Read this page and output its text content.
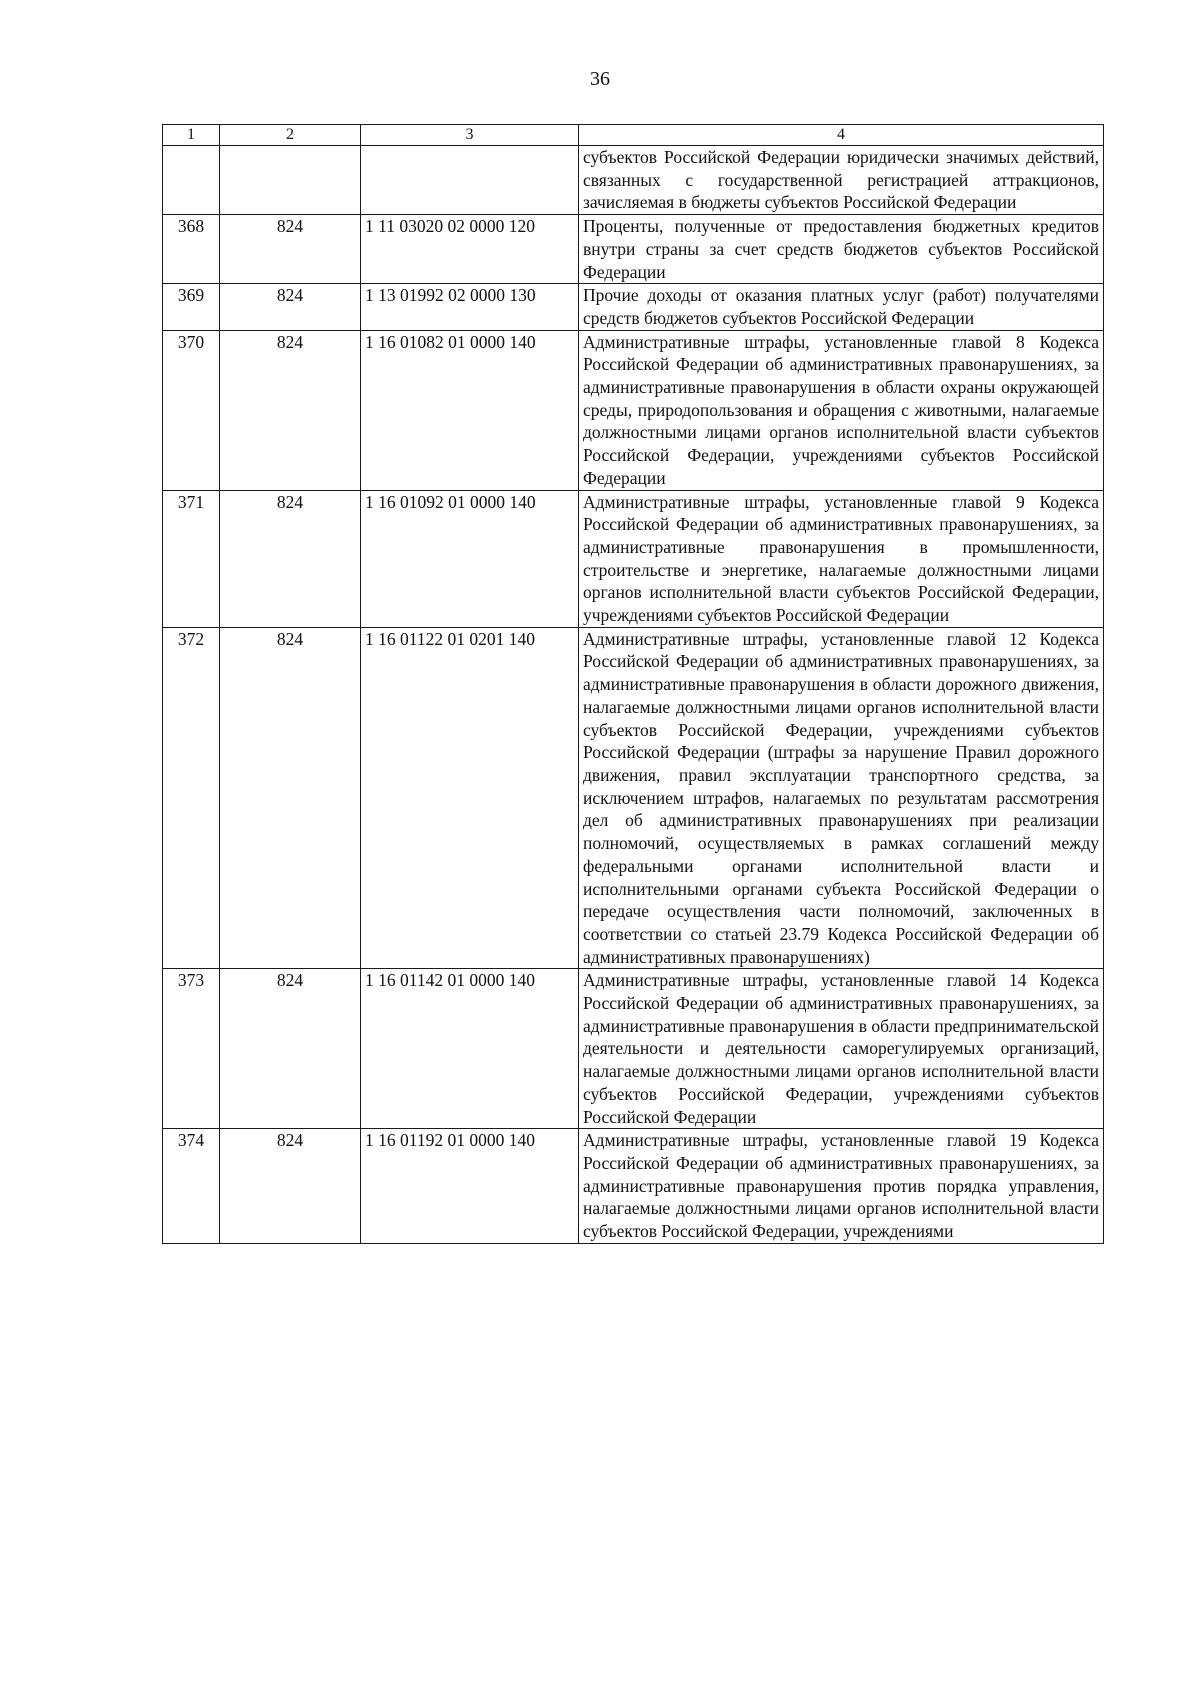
36
1	2	3	4
			субъектов Российской Федерации юридически значимых действий, связанных с государственной регистрацией аттракционов, зачисляемая в бюджеты субъектов Российской Федерации
368	824	1 11 03020 02 0000 120	Проценты, полученные от предоставления бюджетных кредитов внутри страны за счет средств бюджетов субъектов Российской Федерации
369	824	1 13 01992 02 0000 130	Прочие доходы от оказания платных услуг (работ) получателями средств бюджетов субъектов Российской Федерации
370	824	1 16 01082 01 0000 140	Административные штрафы, установленные главой 8 Кодекса Российской Федерации об административных правонарушениях, за административные правонарушения в области охраны окружающей среды, природопользования и обращения с животными, налагаемые должностными лицами органов исполнительной власти субъектов Российской Федерации, учреждениями субъектов Российской Федерации
371	824	1 16 01092 01 0000 140	Административные штрафы, установленные главой 9 Кодекса Российской Федерации об административных правонарушениях, за административные правонарушения в промышленности, строительстве и энергетике, налагаемые должностными лицами органов исполнительной власти субъектов Российской Федерации, учреждениями субъектов Российской Федерации
372	824	1 16 01122 01 0201 140	Административные штрафы, установленные главой 12 Кодекса Российской Федерации об административных правонарушениях, за административные правонарушения в области дорожного движения, налагаемые должностными лицами органов исполнительной власти субъектов Российской Федерации, учреждениями субъектов Российской Федерации (штрафы за нарушение Правил дорожного движения, правил эксплуатации транспортного средства, за исключением штрафов, налагаемых по результатам рассмотрения дел об административных правонарушениях при реализации полномочий, осуществляемых в рамках соглашений между федеральными органами исполнительной власти и исполнительными органами субъекта Российской Федерации о передаче осуществления части полномочий, заключенных в соответствии со статьей 23.79 Кодекса Российской Федерации об административных правонарушениях)
373	824	1 16 01142 01 0000 140	Административные штрафы, установленные главой 14 Кодекса Российской Федерации об административных правонарушениях, за административные правонарушения в области предпринимательской деятельности и деятельности саморегулируемых организаций, налагаемые должностными лицами органов исполнительной власти субъектов Российской Федерации, учреждениями субъектов Российской Федерации
374	824	1 16 01192 01 0000 140	Административные штрафы, установленные главой 19 Кодекса Российской Федерации об административных правонарушениях, за административные правонарушения против порядка управления, налагаемые должностными лицами органов исполнительной власти субъектов Российской Федерации, учреждениями
